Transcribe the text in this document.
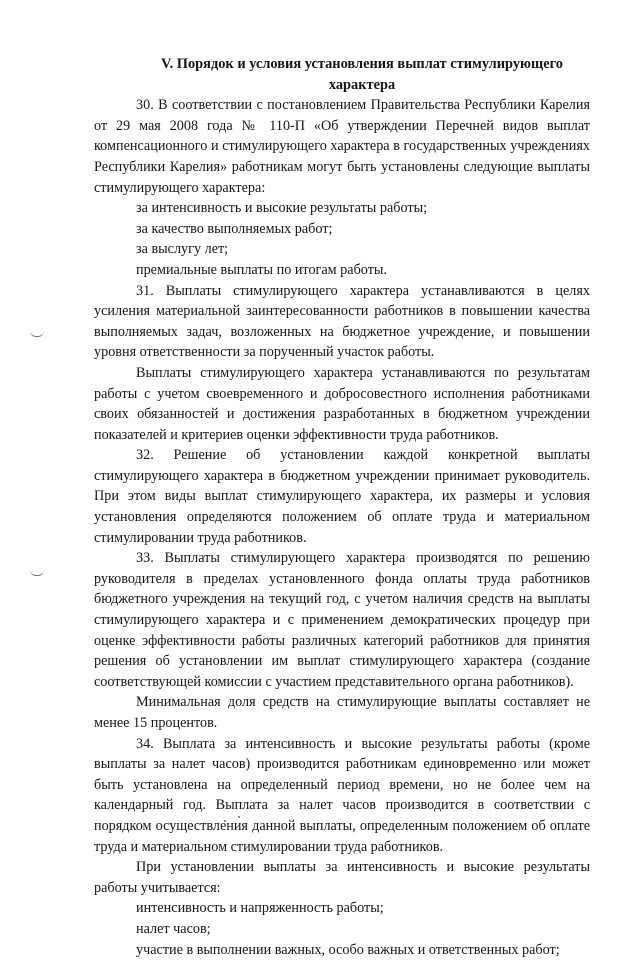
V. Порядок и условия установления выплат стимулирующего характера

30. В соответствии с постановлением Правительства Республики Карелия от 29 мая 2008 года № 110-П «Об утверждении Перечней видов выплат компенсационного и стимулирующего характера в государственных учреждениях Республики Карелия» работникам могут быть установлены следующие выплаты стимулирующего характера:

за интенсивность и высокие результаты работы;

за качество выполняемых работ;

за выслугу лет;

премиальные выплаты по итогам работы.

31. Выплаты стимулирующего характера устанавливаются в целях усиления материальной заинтересованности работников в повышении качества выполняемых задач, возложенных на бюджетное учреждение, и повышении уровня ответственности за порученный участок работы.

Выплаты стимулирующего характера устанавливаются по результатам работы с учетом своевременного и добросовестного исполнения работниками своих обязанностей и достижения разработанных в бюджетном учреждении показателей и критериев оценки эффективности труда работников.

32. Решение об установлении каждой конкретной выплаты стимулирующего характера в бюджетном учреждении принимает руководитель. При этом виды выплат стимулирующего характера, их размеры и условия установления определяются положением об оплате труда и материальном стимулировании труда работников.

33. Выплаты стимулирующего характера производятся по решению руководителя в пределах установленного фонда оплаты труда работников бюджетного учреждения на текущий год, с учетом наличия средств на выплаты стимулирующего характера и с применением демократических процедур при оценке эффективности работы различных категорий работников для принятия решения об установлении им выплат стимулирующего характера (создание соответствующей комиссии с участием представительного органа работников).

Минимальная доля средств на стимулирующие выплаты составляет не менее 15 процентов.

34. Выплата за интенсивность и высокие результаты работы (кроме выплаты за налет часов) производится работникам единовременно или может быть установлена на определенный период времени, но не более чем на календарный год. Выплата за налет часов производится в соответствии с порядком осуществления данной выплаты, определенным положением об оплате труда и материальном стимулировании труда работников.

При установлении выплаты за интенсивность и высокие результаты работы учитывается:

интенсивность и напряженность работы;

налет часов;

участие в выполнении важных, особо важных и ответственных работ;
